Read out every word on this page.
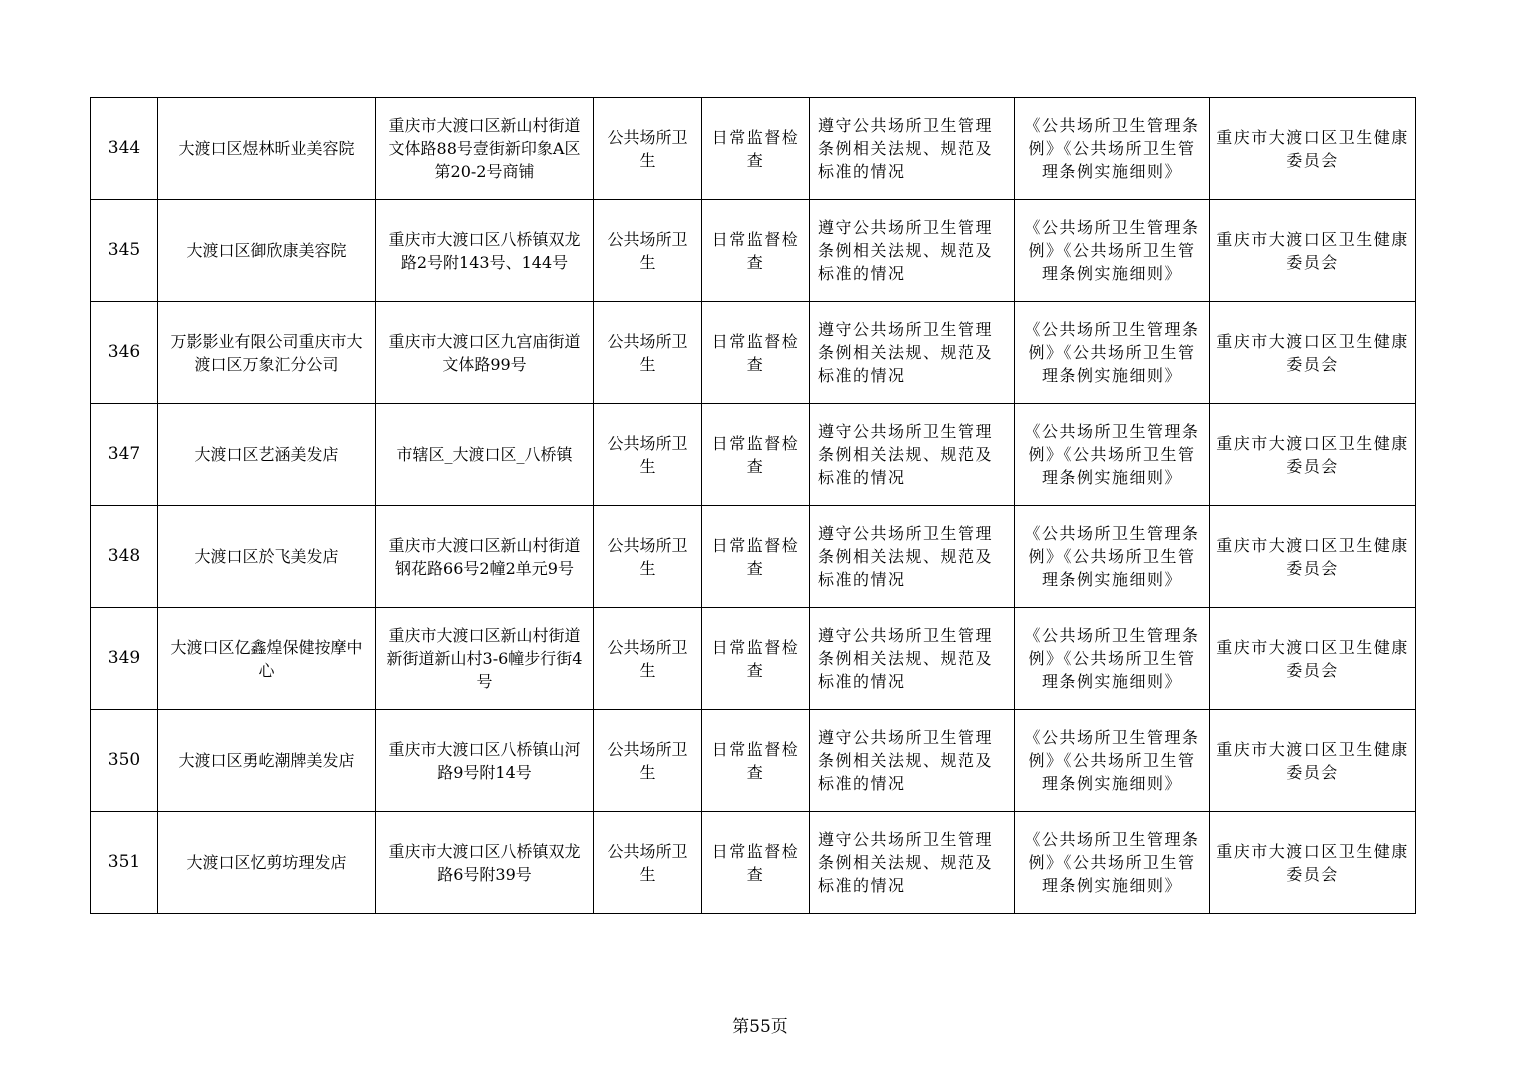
344	大渡口区煜林昕业美容院	重庆市大渡口区新山村街道文体路88号壹街新印象A区第20-2号商铺	公共场所卫生	日常监督检查	遵守公共场所卫生管理条例相关法规、规范及标准的情况	《公共场所卫生管理条例》《公共场所卫生管理条例实施细则》	重庆市大渡口区卫生健康委员会
345	大渡口区御欣康美容院	重庆市大渡口区八桥镇双龙路2号附143号、144号	公共场所卫生	日常监督检查	遵守公共场所卫生管理条例相关法规、规范及标准的情况	《公共场所卫生管理条例》《公共场所卫生管理条例实施细则》	重庆市大渡口区卫生健康委员会
346	万影影业有限公司重庆市大渡口区万象汇分公司	重庆市大渡口区九宫庙街道文体路99号	公共场所卫生	日常监督检查	遵守公共场所卫生管理条例相关法规、规范及标准的情况	《公共场所卫生管理条例》《公共场所卫生管理条例实施细则》	重庆市大渡口区卫生健康委员会
347	大渡口区艺涵美发店	市辖区_大渡口区_八桥镇	公共场所卫生	日常监督检查	遵守公共场所卫生管理条例相关法规、规范及标准的情况	《公共场所卫生管理条例》《公共场所卫生管理条例实施细则》	重庆市大渡口区卫生健康委员会
348	大渡口区於飞美发店	重庆市大渡口区新山村街道钢花路66号2幢2单元9号	公共场所卫生	日常监督检查	遵守公共场所卫生管理条例相关法规、规范及标准的情况	《公共场所卫生管理条例》《公共场所卫生管理条例实施细则》	重庆市大渡口区卫生健康委员会
349	大渡口区亿鑫煌保健按摩中心	重庆市大渡口区新山村街道新街道新山村3-6幢步行街4号	公共场所卫生	日常监督检查	遵守公共场所卫生管理条例相关法规、规范及标准的情况	《公共场所卫生管理条例》《公共场所卫生管理条例实施细则》	重庆市大渡口区卫生健康委员会
350	大渡口区勇屹潮牌美发店	重庆市大渡口区八桥镇山河路9号附14号	公共场所卫生	日常监督检查	遵守公共场所卫生管理条例相关法规、规范及标准的情况	《公共场所卫生管理条例》《公共场所卫生管理条例实施细则》	重庆市大渡口区卫生健康委员会
351	大渡口区忆剪坊理发店	重庆市大渡口区八桥镇双龙路6号附39号	公共场所卫生	日常监督检查	遵守公共场所卫生管理条例相关法规、规范及标准的情况	《公共场所卫生管理条例》《公共场所卫生管理条例实施细则》	重庆市大渡口区卫生健康委员会
第55页
